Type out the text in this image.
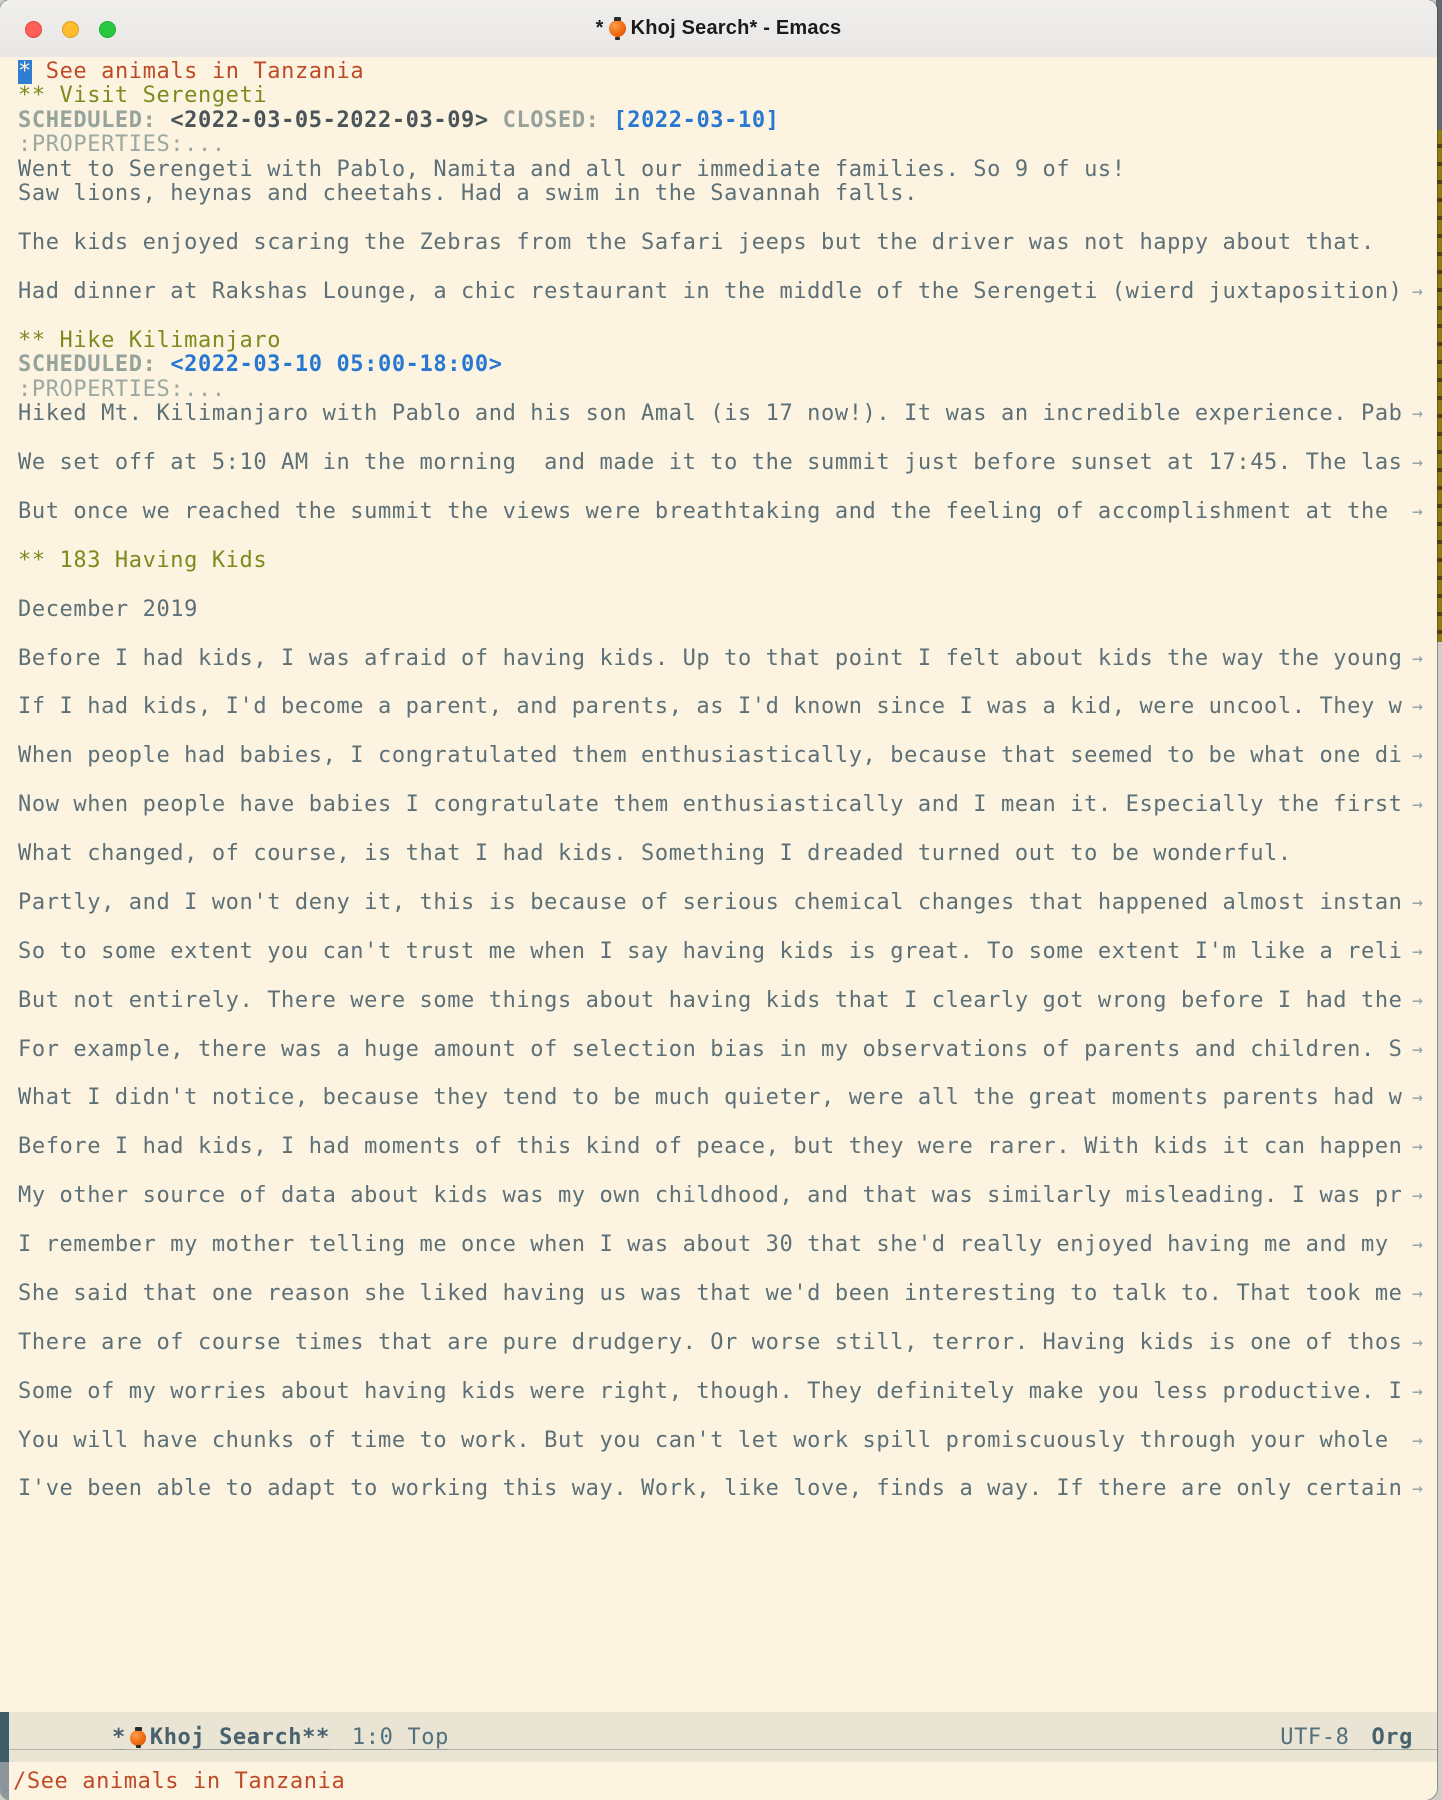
* Khoj Search* - Emacs
* See animals in Tanzania
** Visit Serengeti
SCHEDULED: <2022-03-05-2022-03-09> CLOSED: [2022-03-10]
:PROPERTIES:...
Went to Serengeti with Pablo, Namita and all our immediate families. So 9 of us!
Saw lions, heynas and cheetahs. Had a swim in the Savannah falls.
The kids enjoyed scaring the Zebras from the Safari jeeps but the driver was not happy about that.
Had dinner at Rakshas Lounge, a chic restaurant in the middle of the Serengeti (wierd juxtaposition) →
** Hike Kilimanjaro
SCHEDULED: <2022-03-10 05:00-18:00>
:PROPERTIES:...
Hiked Mt. Kilimanjaro with Pablo and his son Amal (is 17 now!). It was an incredible experience. Pab →
We set off at 5:10 AM in the morning  and made it to the summit just before sunset at 17:45. The las →
But once we reached the summit the views were breathtaking and the feeling of accomplishment at the →
** 183 Having Kids
December 2019
Before I had kids, I was afraid of having kids. Up to that point I felt about kids the way the young →
If I had kids, I'd become a parent, and parents, as I'd known since I was a kid, were uncool. They w →
When people had babies, I congratulated them enthusiastically, because that seemed to be what one di →
Now when people have babies I congratulate them enthusiastically and I mean it. Especially the first →
What changed, of course, is that I had kids. Something I dreaded turned out to be wonderful.
Partly, and I won't deny it, this is because of serious chemical changes that happened almost instan →
So to some extent you can't trust me when I say having kids is great. To some extent I'm like a reli →
But not entirely. There were some things about having kids that I clearly got wrong before I had the →
For example, there was a huge amount of selection bias in my observations of parents and children. S →
What I didn't notice, because they tend to be much quieter, were all the great moments parents had w →
Before I had kids, I had moments of this kind of peace, but they were rarer. With kids it can happen →
My other source of data about kids was my own childhood, and that was similarly misleading. I was pr →
I remember my mother telling me once when I was about 30 that she'd really enjoyed having me and my →
She said that one reason she liked having us was that we'd been interesting to talk to. That took me →
There are of course times that are pure drudgery. Or worse still, terror. Having kids is one of thos →
Some of my worries about having kids were right, though. They definitely make you less productive. I →
You will have chunks of time to work. But you can't let work spill promiscuously through your whole →
I've been able to adapt to working this way. Work, like love, finds a way. If there are only certain →
* Khoj Search* * 1:0 Top	UTF-8 Org
/See animals in Tanzania
